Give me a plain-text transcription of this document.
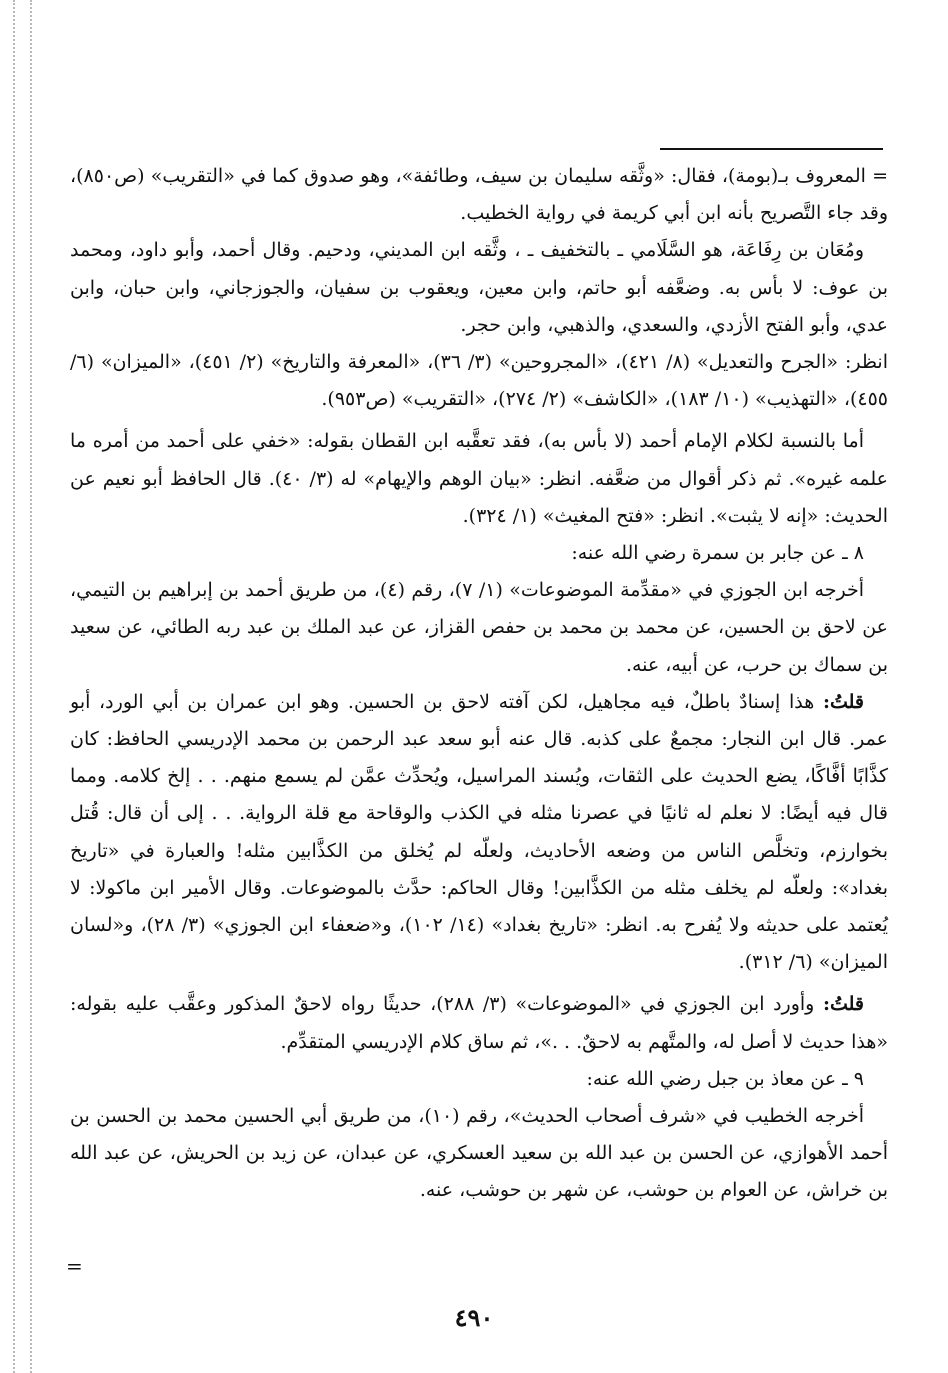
= المعروف بـ(بومة)، فقال: «وثَّقه سليمان بن سيف، وطائفة»، وهو صدوق كما في «التقريب» (ص٨٥٠)، وقد جاء التَّصريح بأنه ابن أبي كريمة في رواية الخطيب.

ومُعَان بن رِفَاعَة، هو السَّلَامي ـ بالتخفيف ـ ، وثَّقه ابن المديني، ودحيم. وقال أحمد، وأبو داود، ومحمد بن عوف: لا بأس به. وضعَّفه أبو حاتم، وابن معين، ويعقوب بن سفيان، والجوزجاني، وابن حبان، وابن عدي، وأبو الفتح الأزدي، والسعدي، والذهبي، وابن حجر.

انظر: «الجرح والتعديل» (٨/ ٤٢١)، «المجروحين» (٣/ ٣٦)، «المعرفة والتاريخ» (٢/ ٤٥١)، «الميزان» (٦/ ٤٥٥)، «التهذيب» (١٠/ ١٨٣)، «الكاشف» (٢/ ٢٧٤)، «التقريب» (ص٩٥٣).

أما بالنسبة لكلام الإمام أحمد (لا بأس به)، فقد تعقَّبه ابن القطان بقوله: «خفي على أحمد من أمره ما علمه غيره». ثم ذكر أقوال من ضعَّفه. انظر: «بيان الوهم والإيهام» له (٣/ ٤٠). قال الحافظ أبو نعيم عن الحديث: «إنه لا يثبت». انظر: «فتح المغيث» (١/ ٣٢٤).

٨ ـ عن جابر بن سمرة رضي الله عنه:

أخرجه ابن الجوزي في «مقدِّمة الموضوعات» (١/ ٧)، رقم (٤)، من طريق أحمد بن إبراهيم بن التيمي، عن لاحق بن الحسين، عن محمد بن محمد بن حفص القزاز، عن عبد الملك بن عبد ربه الطائي، عن سعيد بن سماك بن حرب، عن أبيه، عنه.

قلتُ: هذا إسنادٌ باطلٌ، فيه مجاهيل، لكن آفته لاحق بن الحسين. وهو ابن عمران بن أبي الورد، أبو عمر. قال ابن النجار: مجمعٌ على كذبه. قال عنه أبو سعد عبد الرحمن بن محمد الإدريسي الحافظ: كان كذَّابًا أفَّاكًا، يضع الحديث على الثقات، ويُسند المراسيل، ويُحدِّث عمَّن لم يسمع منهم. . . إلخ كلامه. ومما قال فيه أيضًا: لا نعلم له ثانيًا في عصرنا مثله في الكذب والوقاحة مع قلة الرواية. . . إلى أن قال: قُتل بخوارزم، وتخلَّص الناس من وضعه الأحاديث، ولعلّه لم يُخلق من الكذَّابين مثله! والعبارة في «تاريخ بغداد»: ولعلّه لم يخلف مثله من الكذَّابين! وقال الحاكم: حدَّث بالموضوعات. وقال الأمير ابن ماكولا: لا يُعتمد على حديثه ولا يُفرح به. انظر: «تاريخ بغداد» (١٤/ ١٠٢)، و«ضعفاء ابن الجوزي» (٣/ ٢٨)، و«لسان الميزان» (٦/ ٣١٢).

قلتُ: وأورد ابن الجوزي في «الموضوعات» (٣/ ٢٨٨)، حديثًا رواه لاحقٌ المذكور وعقَّب عليه بقوله: «هذا حديث لا أصل له، والمتَّهم به لاحقٌ. . .»، ثم ساق كلام الإدريسي المتقدِّم.

٩ ـ عن معاذ بن جبل رضي الله عنه:

أخرجه الخطيب في «شرف أصحاب الحديث»، رقم (١٠)، من طريق أبي الحسين محمد بن الحسن بن أحمد الأهوازي، عن الحسن بن عبد الله بن سعيد العسكري، عن عبدان، عن زيد بن الحريش، عن عبد الله بن خراش، عن العوام بن حوشب، عن شهر بن حوشب، عنه.

=
٤٩٠
